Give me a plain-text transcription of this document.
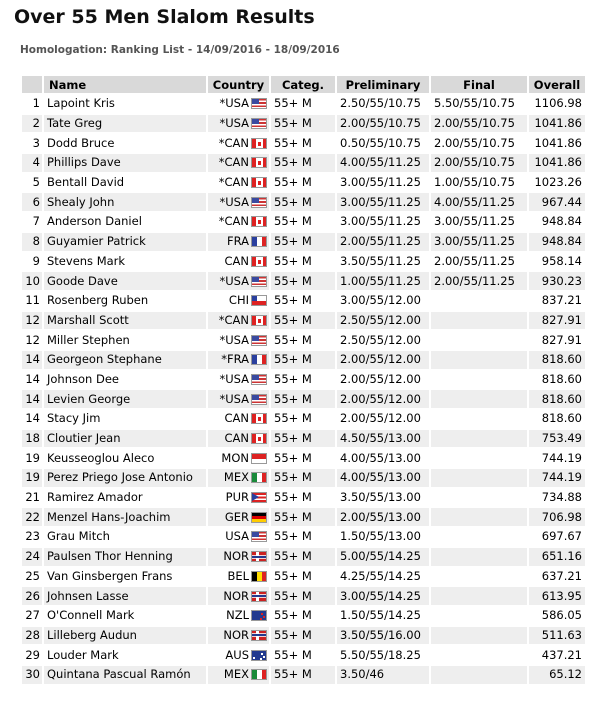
Over 55 Men Slalom Results
Homologation: Ranking List - 14/09/2016 - 18/09/2016
	Name	Country	Categ.	Preliminary	Final	Overall
1	Lapoint Kris	*USA	55+ M	2.50/55/10.75	5.50/55/10.75	1106.98
2	Tate Greg	*USA	55+ M	2.00/55/10.75	2.00/55/10.75	1041.86
3	Dodd Bruce	*CAN	55+ M	0.50/55/10.75	2.00/55/10.75	1041.86
4	Phillips Dave	*CAN	55+ M	4.00/55/11.25	2.00/55/10.75	1041.86
5	Bentall David	*CAN	55+ M	3.00/55/11.25	1.00/55/10.75	1023.26
6	Shealy John	*USA	55+ M	3.00/55/11.25	4.00/55/11.25	967.44
7	Anderson Daniel	*CAN	55+ M	3.00/55/11.25	3.00/55/11.25	948.84
8	Guyamier Patrick	FRA	55+ M	2.00/55/11.25	3.00/55/11.25	948.84
9	Stevens Mark	CAN	55+ M	3.50/55/11.25	2.00/55/11.25	958.14
10	Goode Dave	*USA	55+ M	1.00/55/11.25	2.00/55/11.25	930.23
11	Rosenberg Ruben	CHI	55+ M	3.00/55/12.00		837.21
12	Marshall Scott	*CAN	55+ M	2.50/55/12.00		827.91
12	Miller Stephen	*USA	55+ M	2.50/55/12.00		827.91
14	Georgeon Stephane	*FRA	55+ M	2.00/55/12.00		818.60
14	Johnson Dee	*USA	55+ M	2.00/55/12.00		818.60
14	Levien George	*USA	55+ M	2.00/55/12.00		818.60
14	Stacy Jim	CAN	55+ M	2.00/55/12.00		818.60
18	Cloutier Jean	CAN	55+ M	4.50/55/13.00		753.49
19	Keusseoglou Aleco	MON	55+ M	4.00/55/13.00		744.19
19	Perez Priego Jose Antonio	MEX	55+ M	4.00/55/13.00		744.19
21	Ramirez Amador	PUR	55+ M	3.50/55/13.00		734.88
22	Menzel Hans-Joachim	GER	55+ M	2.00/55/13.00		706.98
23	Grau Mitch	USA	55+ M	1.50/55/13.00		697.67
24	Paulsen Thor Henning	NOR	55+ M	5.00/55/14.25		651.16
25	Van Ginsbergen Frans	BEL	55+ M	4.25/55/14.25		637.21
26	Johnsen Lasse	NOR	55+ M	3.00/55/14.25		613.95
27	O'Connell Mark	NZL	55+ M	1.50/55/14.25		586.05
28	Lilleberg Audun	NOR	55+ M	3.50/55/16.00		511.63
29	Louder Mark	AUS	55+ M	5.50/55/18.25		437.21
30	Quintana Pascual Ramón	MEX	55+ M	3.50/46		65.12
